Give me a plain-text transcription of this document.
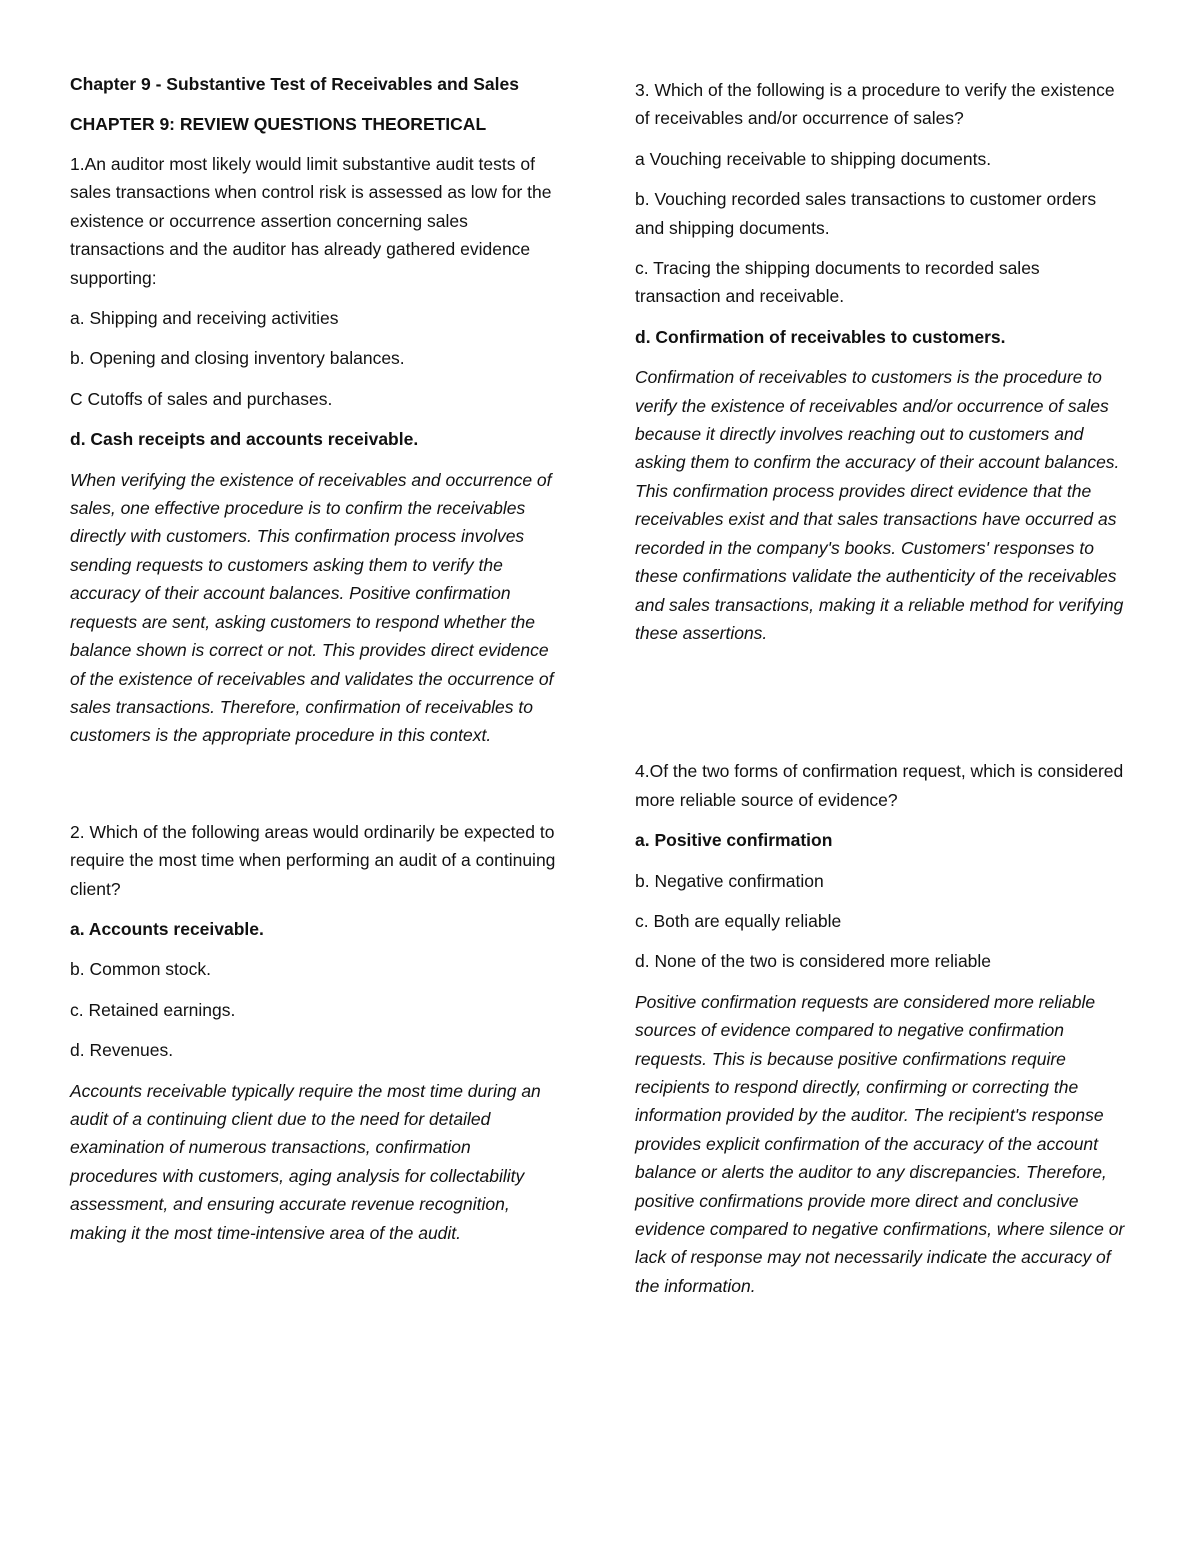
Chapter 9 - Substantive Test of Receivables and Sales
CHAPTER 9: REVIEW QUESTIONS THEORETICAL

1.An auditor most likely would limit substantive audit tests of sales transactions when control risk is assessed as low for the existence or occurrence assertion concerning sales transactions and the auditor has already gathered evidence supporting:

a. Shipping and receiving activities

b. Opening and closing inventory balances.

C Cutoffs of sales and purchases.

d. Cash receipts and accounts receivable.

When verifying the existence of receivables and occurrence of sales, one effective procedure is to confirm the receivables directly with customers. This confirmation process involves sending requests to customers asking them to verify the accuracy of their account balances. Positive confirmation requests are sent, asking customers to respond whether the balance shown is correct or not. This provides direct evidence of the existence of receivables and validates the occurrence of sales transactions. Therefore, confirmation of receivables to customers is the appropriate procedure in this context.

2. Which of the following areas would ordinarily be expected to require the most time when performing an audit of a continuing client?

a. Accounts receivable.

b. Common stock.

c. Retained earnings.

d. Revenues.

Accounts receivable typically require the most time during an audit of a continuing client due to the need for detailed examination of numerous transactions, confirmation procedures with customers, aging analysis for collectability assessment, and ensuring accurate revenue recognition, making it the most time-intensive area of the audit.

3. Which of the following is a procedure to verify the existence of receivables and/or occurrence of sales?

a Vouching receivable to shipping documents.

b. Vouching recorded sales transactions to customer orders and shipping documents.

c. Tracing the shipping documents to recorded sales transaction and receivable.

d. Confirmation of receivables to customers.

Confirmation of receivables to customers is the procedure to verify the existence of receivables and/or occurrence of sales because it directly involves reaching out to customers and asking them to confirm the accuracy of their account balances. This confirmation process provides direct evidence that the receivables exist and that sales transactions have occurred as recorded in the company's books. Customers' responses to these confirmations validate the authenticity of the receivables and sales transactions, making it a reliable method for verifying these assertions.

4.Of the two forms of confirmation request, which is considered more reliable source of evidence?

a. Positive confirmation

b. Negative confirmation

c. Both are equally reliable

d. None of the two is considered more reliable

Positive confirmation requests are considered more reliable sources of evidence compared to negative confirmation requests. This is because positive confirmations require recipients to respond directly, confirming or correcting the information provided by the auditor. The recipient's response provides explicit confirmation of the accuracy of the account balance or alerts the auditor to any discrepancies. Therefore, positive confirmations provide more direct and conclusive evidence compared to negative confirmations, where silence or lack of response may not necessarily indicate the accuracy of the information.
